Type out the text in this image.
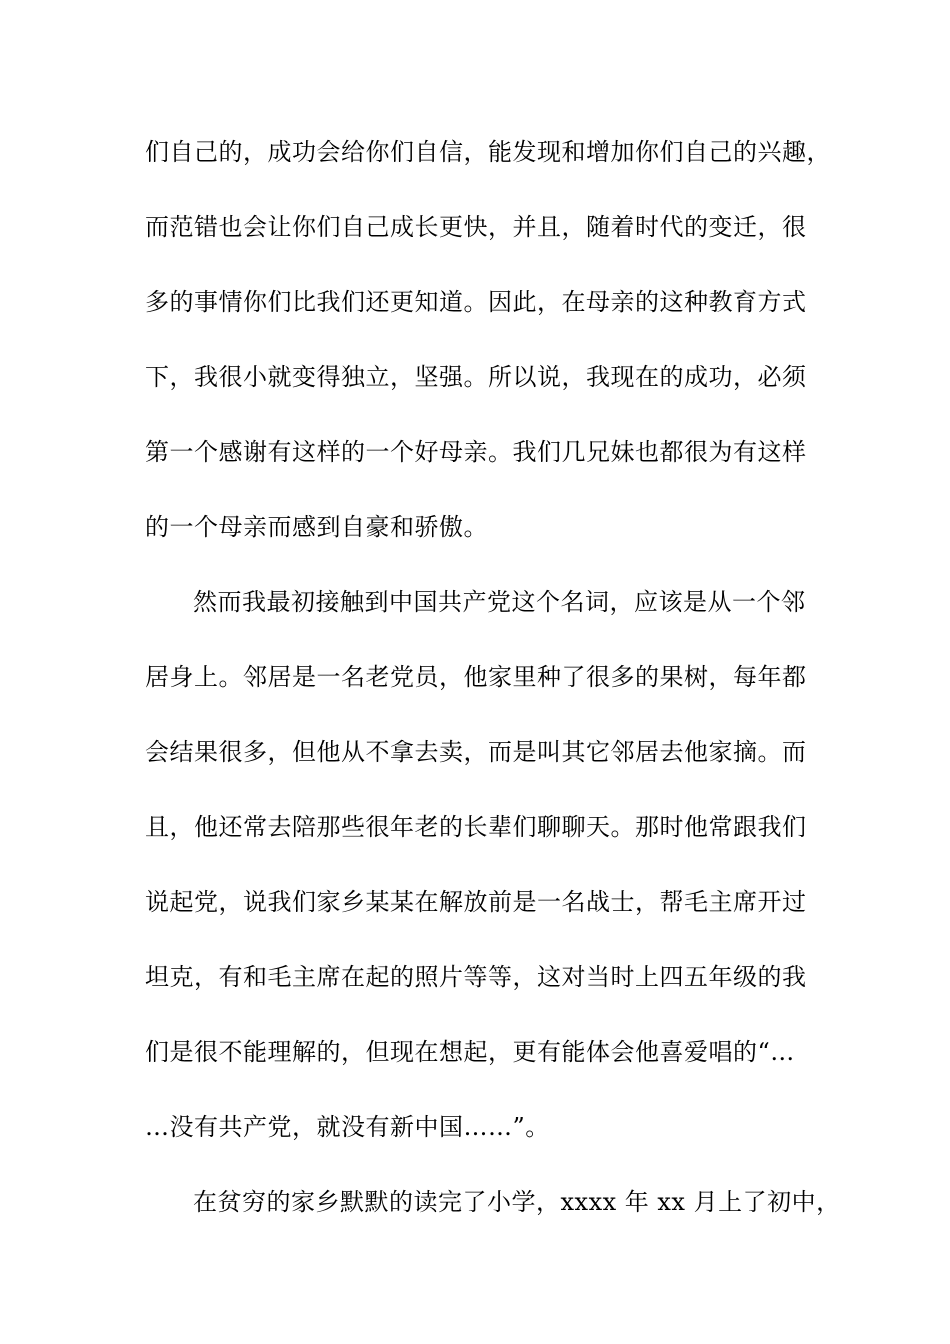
们自己的，成功会给你们自信，能发现和增加你们自己的兴趣，
而范错也会让你们自己成长更快，并且，随着时代的变迁，很
多的事情你们比我们还更知道。因此，在母亲的这种教育方式
下，我很小就变得独立，坚强。所以说，我现在的成功，必须
第一个感谢有这样的一个好母亲。我们几兄妹也都很为有这样
的一个母亲而感到自豪和骄傲。
然而我最初接触到中国共产党这个名词，应该是从一个邻
居身上。邻居是一名老党员，他家里种了很多的果树，每年都
会结果很多，但他从不拿去卖，而是叫其它邻居去他家摘。而
且，他还常去陪那些很年老的长辈们聊聊天。那时他常跟我们
说起党，说我们家乡某某在解放前是一名战士，帮毛主席开过
坦克，有和毛主席在起的照片等等，这对当时上四五年级的我
们是很不能理解的，但现在想起，更有能体会他喜爱唱的“…
…没有共产党，就没有新中国……”。
在贫穷的家乡默默的读完了小学，xxxx 年 xx 月上了初中，
